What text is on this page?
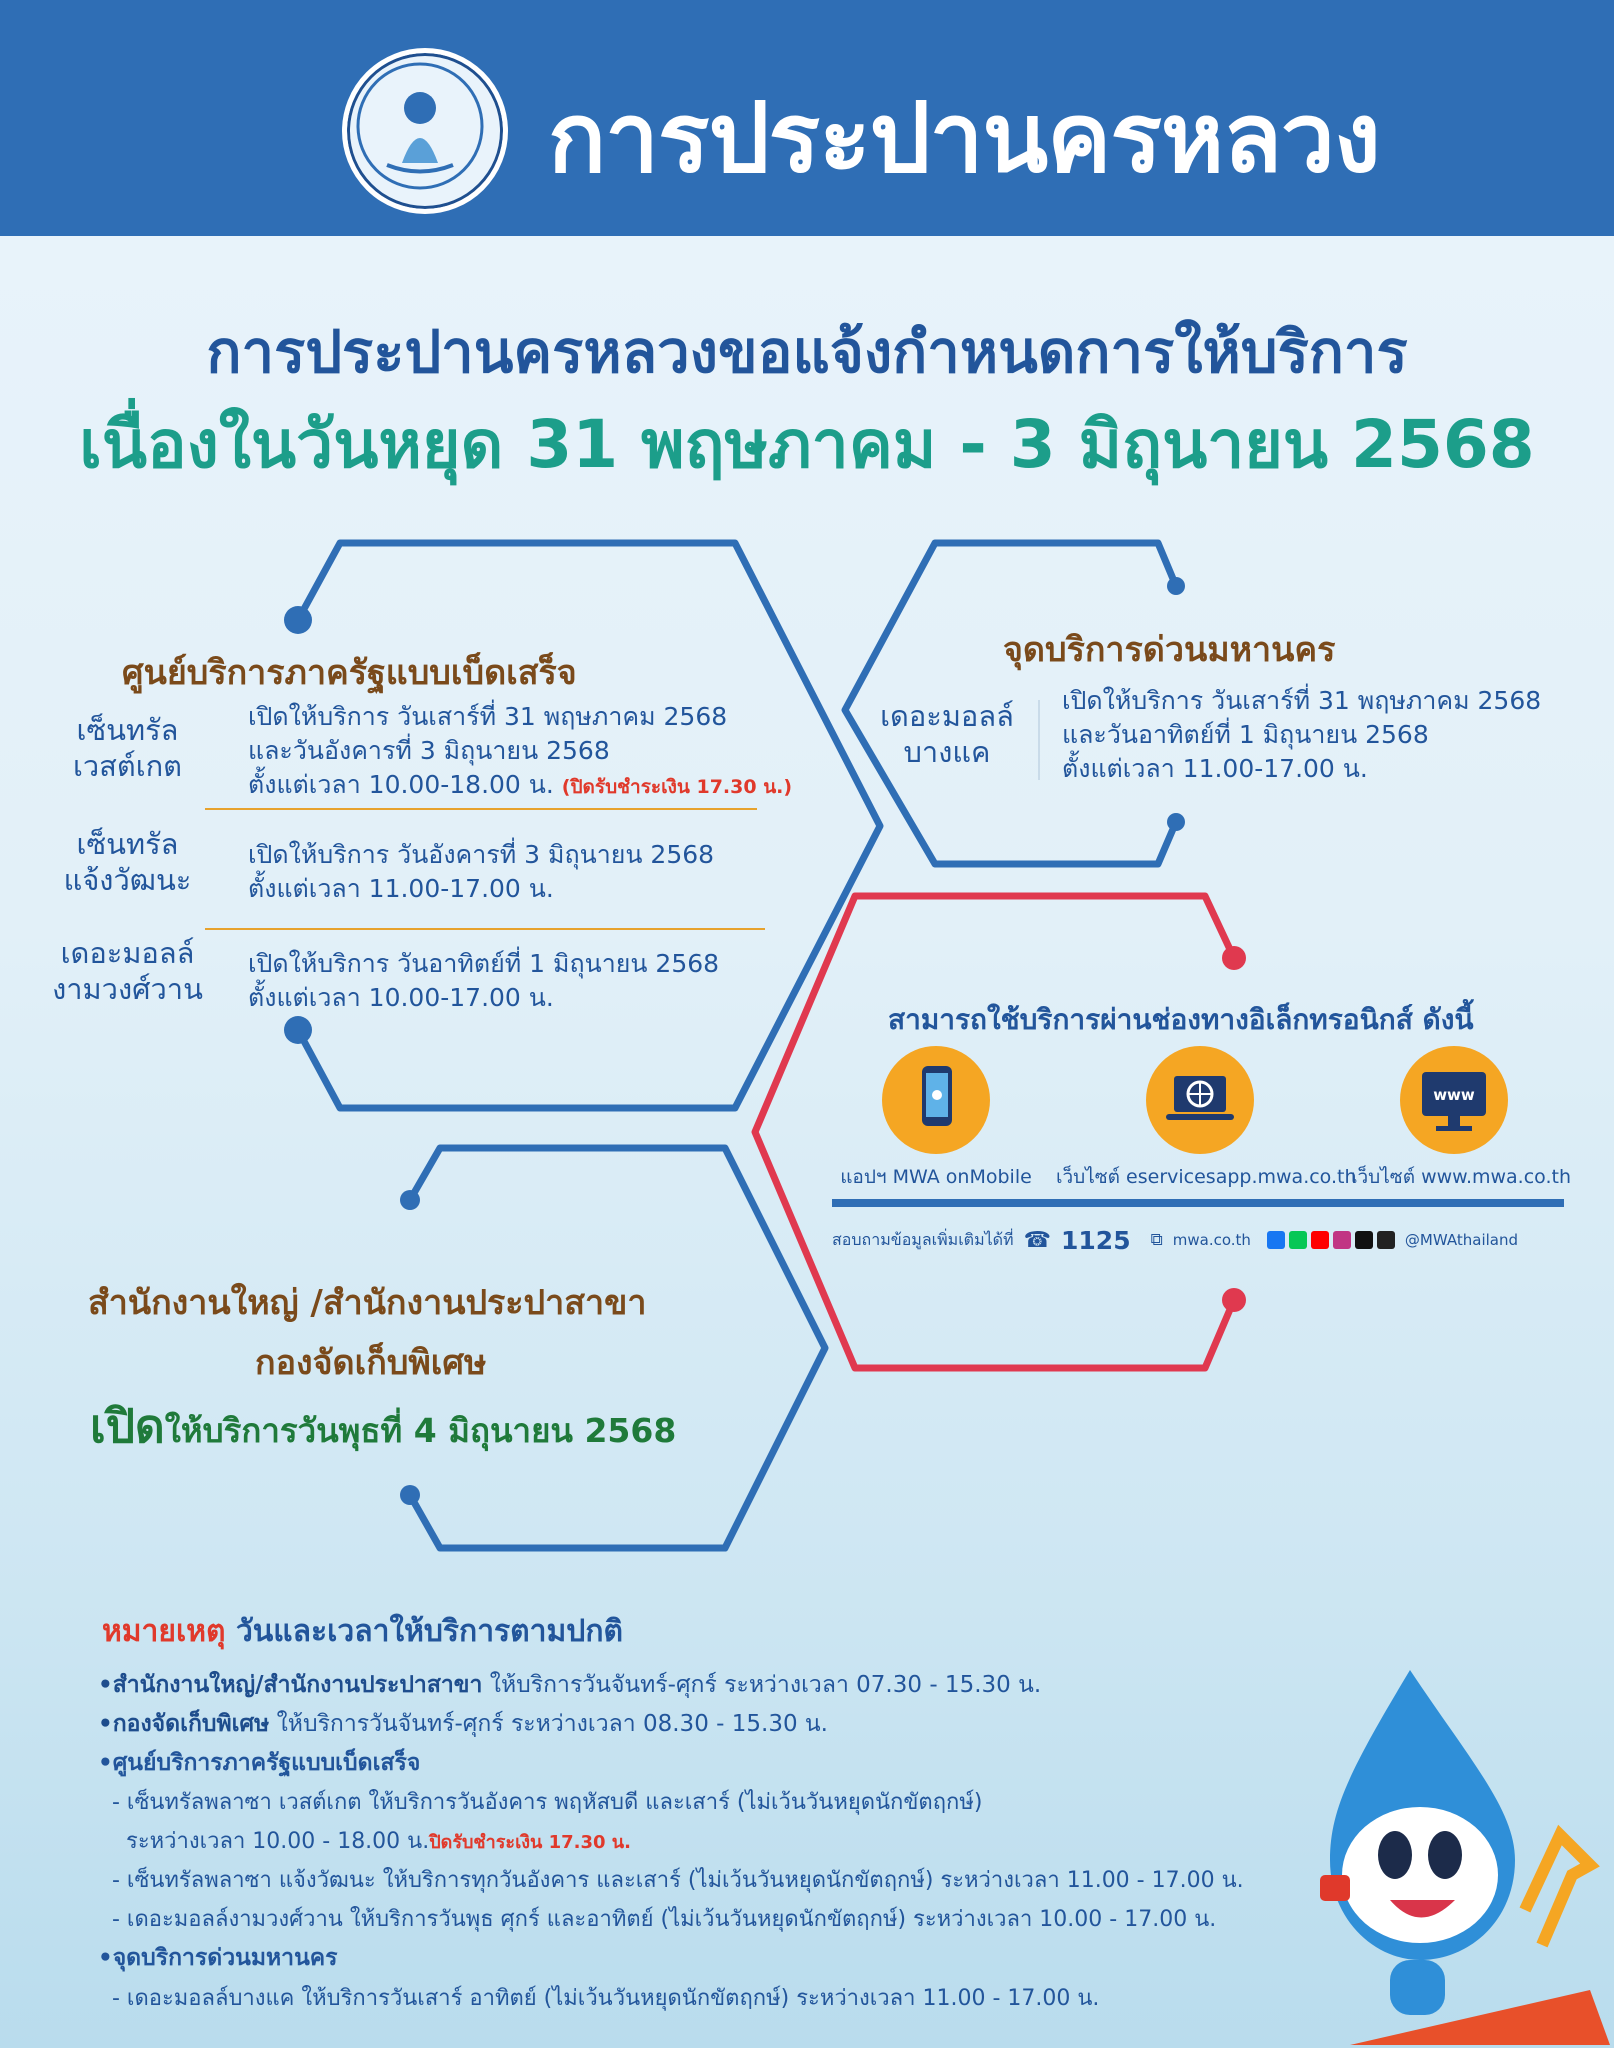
การประปานครหลวง
การประปานครหลวงขอแจ้งกำหนดการให้บริการ
เนื่องในวันหยุด 31 พฤษภาคม - 3 มิถุนายน 2568
ศูนย์บริการภาครัฐแบบเบ็ดเสร็จ
เซ็นทรัล
เวสต์เกต
เปิดให้บริการ วันเสาร์ที่ 31 พฤษภาคม 2568
และวันอังคารที่ 3 มิถุนายน 2568
ตั้งแต่เวลา 10.00-18.00 น. (ปิดรับชำระเงิน 17.30 น.)
เซ็นทรัล
แจ้งวัฒนะ
เปิดให้บริการ วันอังคารที่ 3 มิถุนายน 2568
ตั้งแต่เวลา 11.00-17.00 น.
เดอะมอลล์
งามวงศ์วาน
เปิดให้บริการ วันอาทิตย์ที่ 1 มิถุนายน 2568
ตั้งแต่เวลา 10.00-17.00 น.
จุดบริการด่วนมหานคร
เดอะมอลล์
บางแค
เปิดให้บริการ วันเสาร์ที่ 31 พฤษภาคม 2568
และวันอาทิตย์ที่ 1 มิถุนายน 2568
ตั้งแต่เวลา 11.00-17.00 น.
สามารถใช้บริการผ่านช่องทางอิเล็กทรอนิกส์ ดังนี้
www
แอปฯ MWA onMobile	เว็บไซต์ eservicesapp.mwa.co.th
เว็บไซต์ www.mwa.co.th
สอบถามข้อมูลเพิ่มเติมได้ที่ ☎ 1125 ⧉ mwa.co.th	@MWAthailand
สำนักงานใหญ่ /สำนักงานประปาสาขา
กองจัดเก็บพิเศษ
เปิดให้บริการวันพุธที่ 4 มิถุนายน 2568
หมายเหตุ วันและเวลาให้บริการตามปกติ
•สำนักงานใหญ่/สำนักงานประปาสาขา ให้บริการวันจันทร์-ศุกร์ ระหว่างเวลา 07.30 - 15.30 น.
•กองจัดเก็บพิเศษ ให้บริการวันจันทร์-ศุกร์ ระหว่างเวลา 08.30 - 15.30 น.
•ศูนย์บริการภาครัฐแบบเบ็ดเสร็จ
- เซ็นทรัลพลาซา เวสต์เกต ให้บริการวันอังคาร พฤหัสบดี และเสาร์ (ไม่เว้นวันหยุดนักขัตฤกษ์)
ระหว่างเวลา 10.00 - 18.00 น.ปิดรับชำระเงิน 17.30 น.
- เซ็นทรัลพลาซา แจ้งวัฒนะ ให้บริการทุกวันอังคาร และเสาร์ (ไม่เว้นวันหยุดนักขัตฤกษ์) ระหว่างเวลา 11.00 - 17.00 น.
- เดอะมอลล์งามวงศ์วาน ให้บริการวันพุธ ศุกร์ และอาทิตย์ (ไม่เว้นวันหยุดนักขัตฤกษ์) ระหว่างเวลา 10.00 - 17.00 น.
•จุดบริการด่วนมหานคร
- เดอะมอลล์บางแค ให้บริการวันเสาร์ อาทิตย์ (ไม่เว้นวันหยุดนักขัตฤกษ์) ระหว่างเวลา 11.00 - 17.00 น.
